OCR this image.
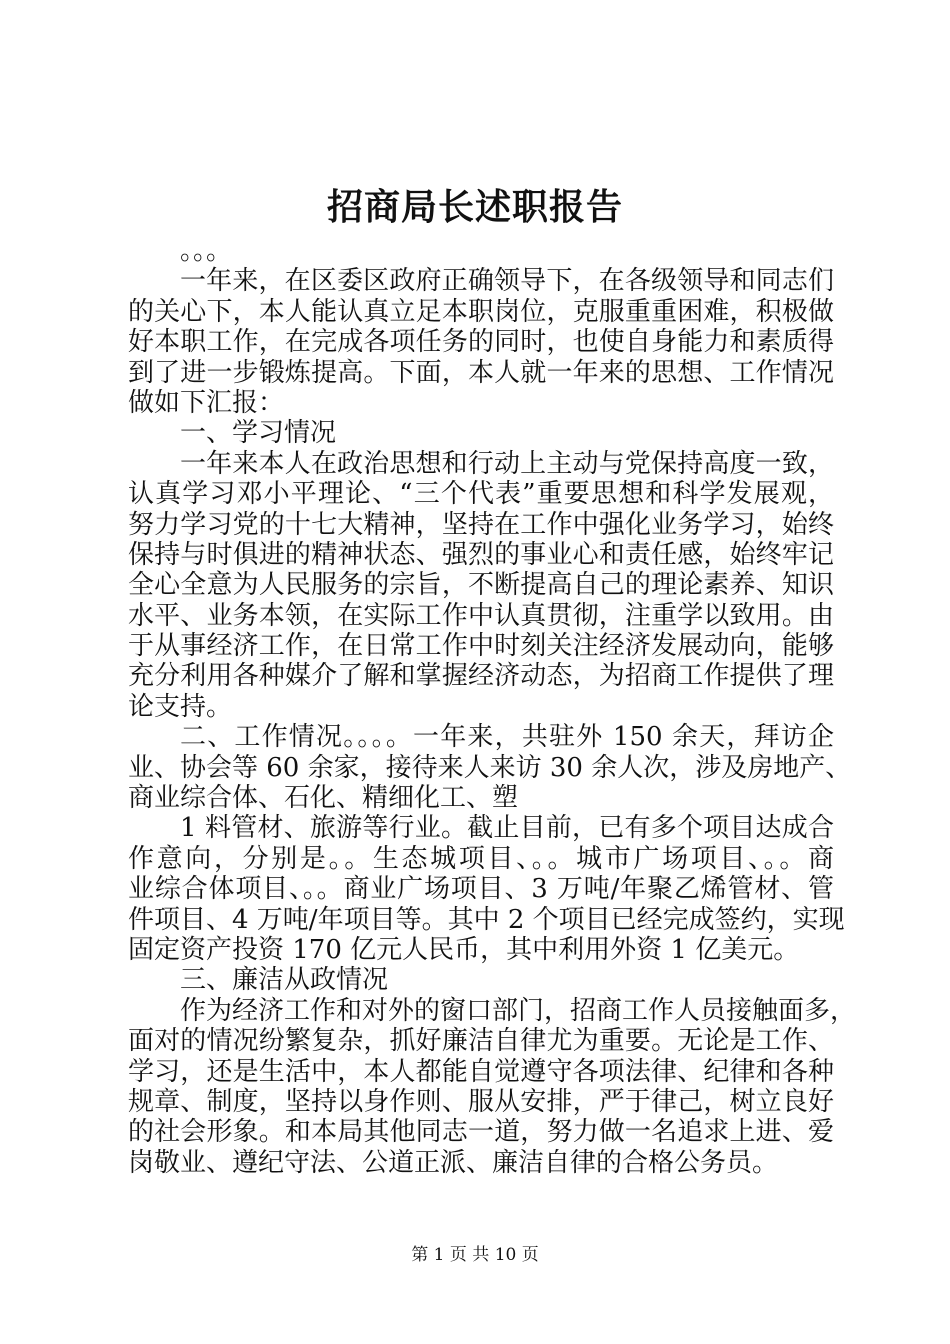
招商局长述职报告
。。。
一年来，在区委区政府正确领导下，在各级领导和同志们
的关心下，本人能认真立足本职岗位，克服重重困难，积极做
好本职工作，在完成各项任务的同时，也使自身能力和素质得
到了进一步锻炼提高。下面，本人就一年来的思想、工作情况
做如下汇报：
一、学习情况
一年来本人在政治思想和行动上主动与党保持高度一致，
认真学习邓小平理论、“三个代表”重要思想和科学发展观，
努力学习党的十七大精神，坚持在工作中强化业务学习，始终
保持与时俱进的精神状态、强烈的事业心和责任感，始终牢记
全心全意为人民服务的宗旨，不断提高自己的理论素养、知识
水平、业务本领，在实际工作中认真贯彻，注重学以致用。由
于从事经济工作，在日常工作中时刻关注经济发展动向，能够
充分利用各种媒介了解和掌握经济动态，为招商工作提供了理
论支持。
二、工作情况。。。。一年来，共驻外 150 余天，拜访企
业、协会等 60 余家，接待来人来访 30 余人次，涉及房地产、
商业综合体、石化、精细化工、塑
1 料管材、旅游等行业。截止目前，已有多个项目达成合
作意向，分别是。。生态城项目、。。城市广场项目、。。商
业综合体项目、。。商业广场项目、3 万吨/年聚乙烯管材、管
件项目、4 万吨/年项目等。其中 2 个项目已经完成签约，实现
固定资产投资 170 亿元人民币，其中利用外资 1 亿美元。
三、廉洁从政情况
作为经济工作和对外的窗口部门，招商工作人员接触面多，
面对的情况纷繁复杂，抓好廉洁自律尤为重要。无论是工作、
学习，还是生活中，本人都能自觉遵守各项法律、纪律和各种
规章、制度，坚持以身作则、服从安排，严于律己，树立良好
的社会形象。和本局其他同志一道，努力做一名追求上进、爱
岗敬业、遵纪守法、公道正派、廉洁自律的合格公务员。
第 1 页 共 10 页
